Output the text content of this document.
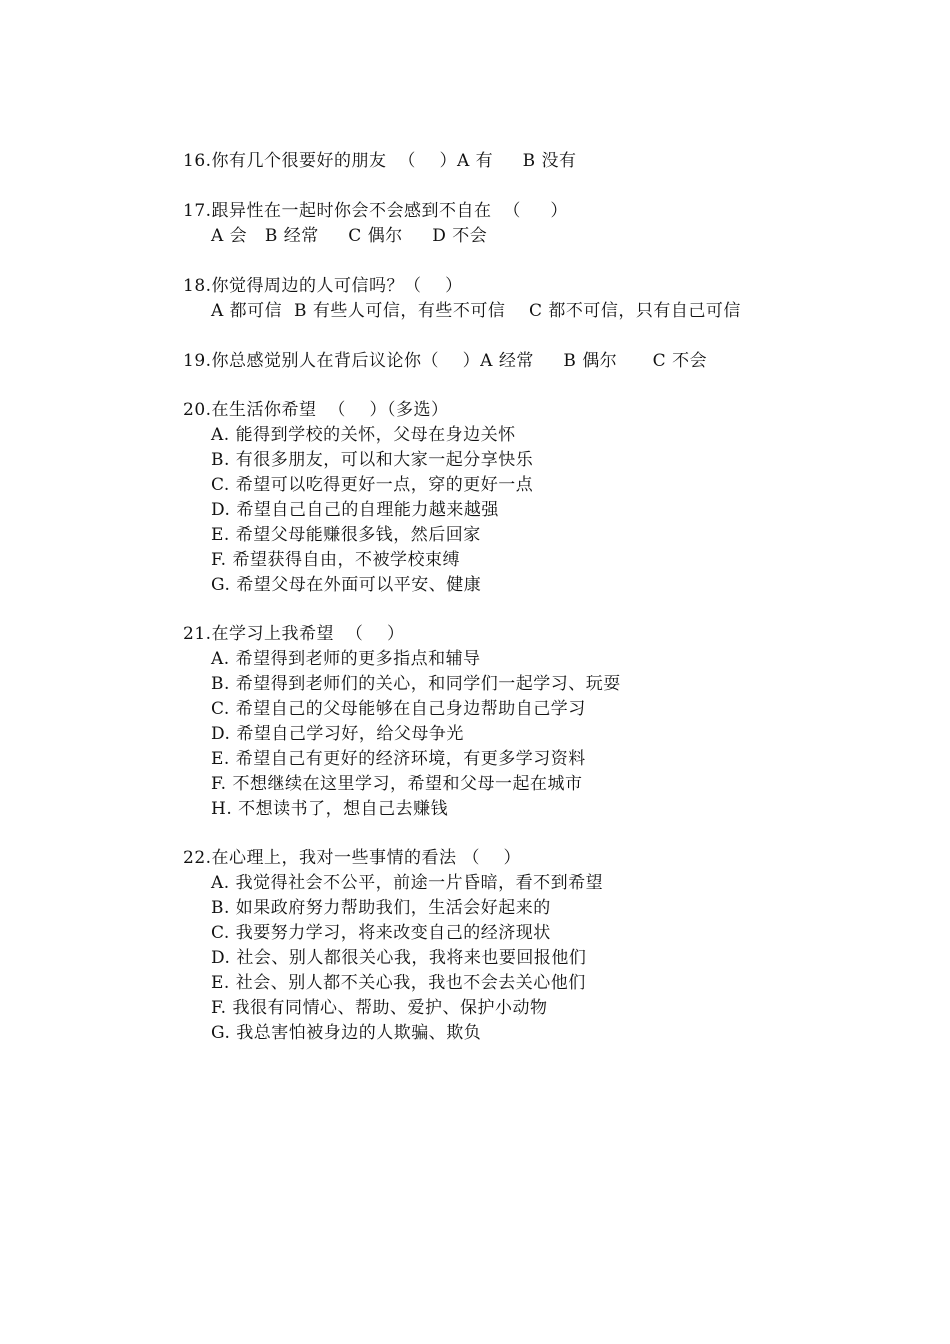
16.你有几个很要好的朋友  （    ）A 有     B 没有
17.跟异性在一起时你会不会感到不自在  （     ）
A 会   B 经常     C 偶尔     D 不会
18.你觉得周边的人可信吗？（    ）
A 都可信  B 有些人可信，有些不可信    C 都不可信，只有自己可信
19.你总感觉别人在背后议论你（    ）A 经常     B 偶尔      C 不会
20.在生活你希望  （    ）（多选）
A. 能得到学校的关怀，父母在身边关怀
B. 有很多朋友，可以和大家一起分享快乐
C. 希望可以吃得更好一点，穿的更好一点
D. 希望自己自己的自理能力越来越强
E. 希望父母能赚很多钱，然后回家
F. 希望获得自由，不被学校束缚
G. 希望父母在外面可以平安、健康
21.在学习上我希望  （    ）
A. 希望得到老师的更多指点和辅导
B. 希望得到老师们的关心，和同学们一起学习、玩耍
C. 希望自己的父母能够在自己身边帮助自己学习
D. 希望自己学习好，给父母争光
E. 希望自己有更好的经济环境，有更多学习资料
F. 不想继续在这里学习，希望和父母一起在城市
H. 不想读书了，想自己去赚钱
22.在心理上，我对一些事情的看法 （    ）
A. 我觉得社会不公平，前途一片昏暗，看不到希望
B. 如果政府努力帮助我们，生活会好起来的
C. 我要努力学习，将来改变自己的经济现状
D. 社会、别人都很关心我，我将来也要回报他们
E. 社会、别人都不关心我，我也不会去关心他们
F. 我很有同情心、帮助、爱护、保护小动物
G. 我总害怕被身边的人欺骗、欺负
